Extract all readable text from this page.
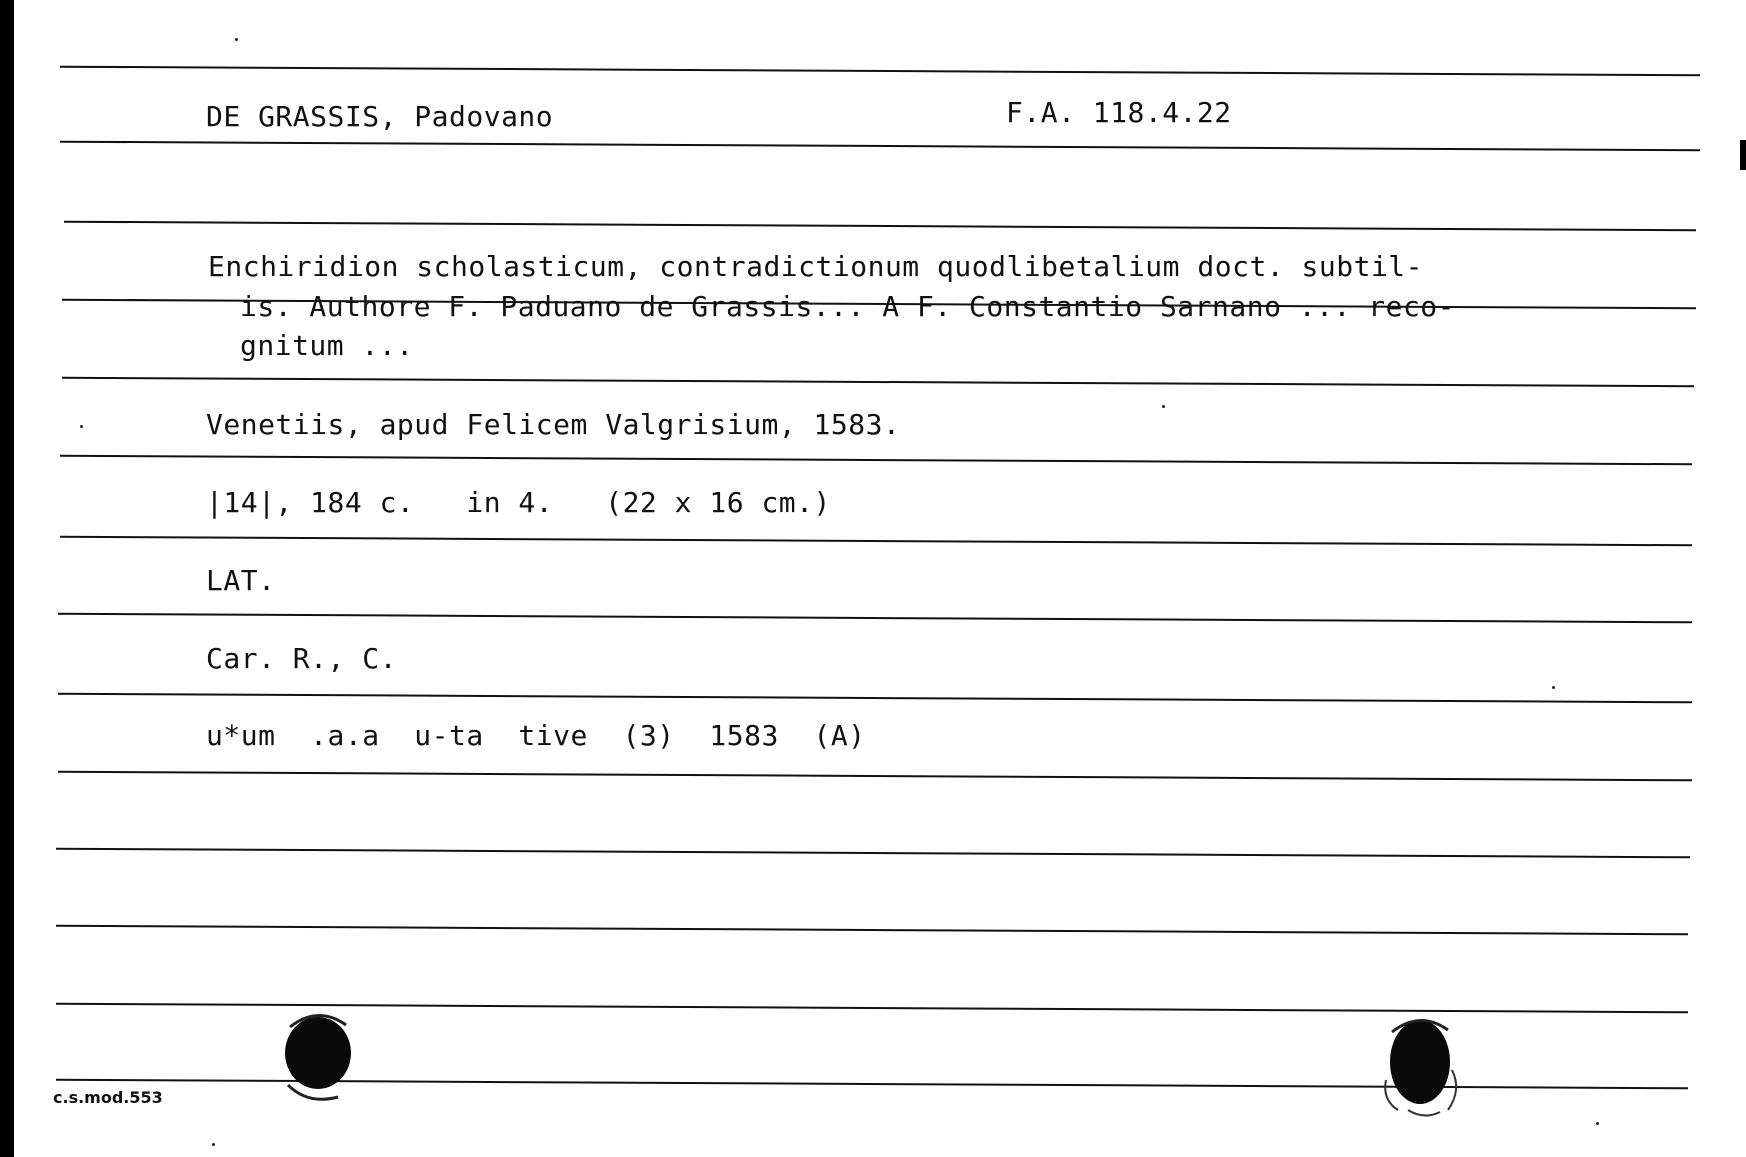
DE GRASSIS, Padovano	F.A. 118.4.22
Enchiridion scholasticum, contradictionum quodlibetalium doct. subtil-
is. Authore F. Paduano de Grassis... A F. Constantio Sarnano ... reco-
gnitum ...
Venetiis, apud Felicem Valgrisium, 1583.
|14|, 184 c.   in 4.   (22 x 16 cm.)
LAT.
Car. R., C.
u*um  .a.a  u-ta  tive  (3)  1583  (A)
c.s.mod.553
